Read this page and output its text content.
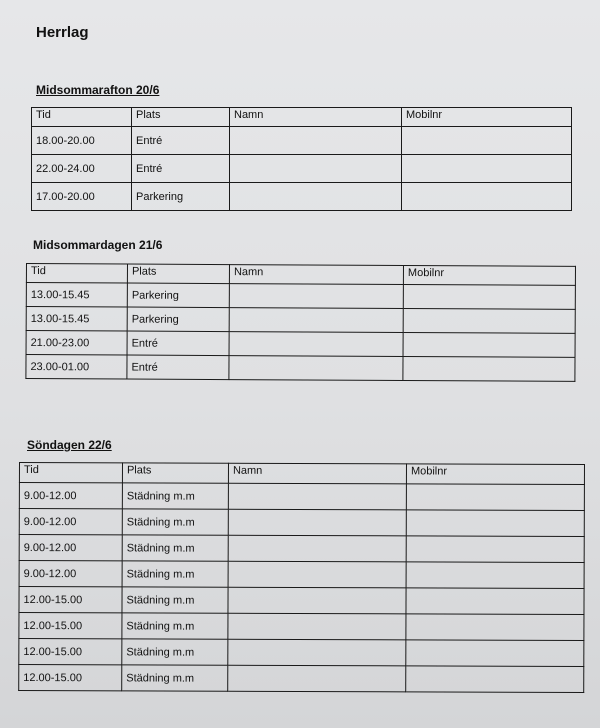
Herrlag
Midsommarafton 20/6
Tid	Plats	Namn	Mobilnr
18.00-20.00	Entré		
22.00-24.00	Entré		
17.00-20.00	Parkering		
Midsommardagen 21/6
Tid	Plats	Namn	Mobilnr
13.00-15.45	Parkering		
13.00-15.45	Parkering		
21.00-23.00	Entré		
23.00-01.00	Entré		
Söndagen 22/6
Tid	Plats	Namn	Mobilnr
9.00-12.00	Städning m.m		
9.00-12.00	Städning m.m		
9.00-12.00	Städning m.m		
9.00-12.00	Städning m.m		
12.00-15.00	Städning m.m		
12.00-15.00	Städning m.m		
12.00-15.00	Städning m.m		
12.00-15.00	Städning m.m		
